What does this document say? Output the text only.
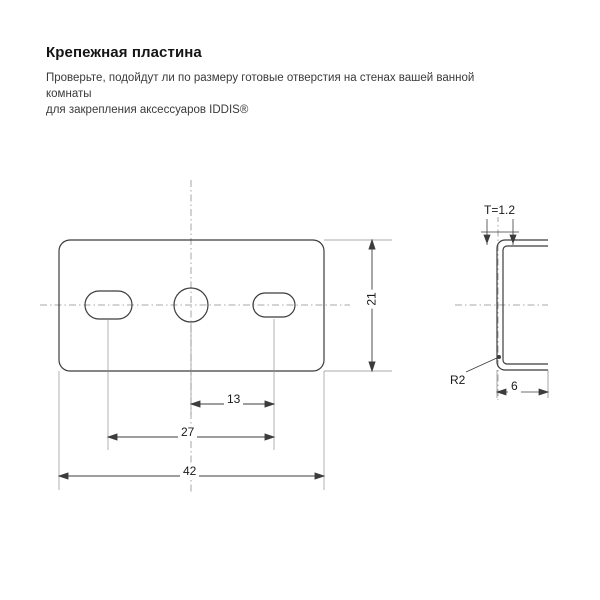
Крепежная пластина

Проверьте, подойдут ли по размеру готовые отверстия на стенах вашей ванной комнаты
для закрепления аксессуаров IDDIS®

21
13
27
42
T=1.2
R2	6
